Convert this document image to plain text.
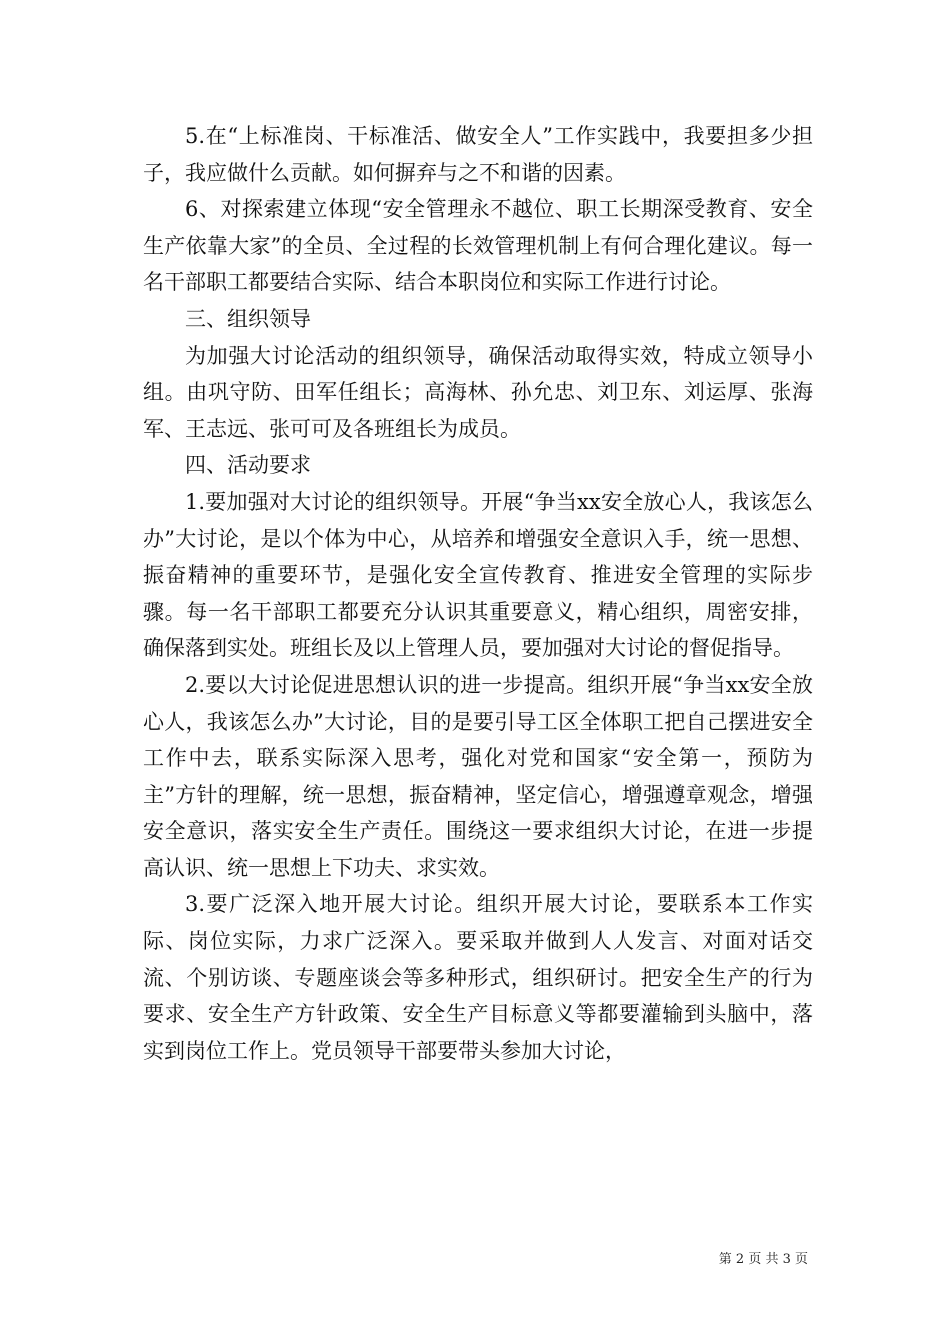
5.在“上标准岗、干标准活、做安全人”工作实践中，我要担多少担子，我应做什么贡献。如何摒弃与之不和谐的因素。

6、对探索建立体现“安全管理永不越位、职工长期深受教育、安全生产依靠大家”的全员、全过程的长效管理机制上有何合理化建议。每一名干部职工都要结合实际、结合本职岗位和实际工作进行讨论。

三、组织领导

为加强大讨论活动的组织领导，确保活动取得实效，特成立领导小组。由巩守防、田军任组长；高海林、孙允忠、刘卫东、刘运厚、张海军、王志远、张可可及各班组长为成员。

四、活动要求

1.要加强对大讨论的组织领导。开展“争当xx安全放心人，我该怎么办”大讨论，是以个体为中心，从培养和增强安全意识入手，统一思想、振奋精神的重要环节，是强化安全宣传教育、推进安全管理的实际步骤。每一名干部职工都要充分认识其重要意义，精心组织，周密安排，确保落到实处。班组长及以上管理人员，要加强对大讨论的督促指导。

2.要以大讨论促进思想认识的进一步提高。组织开展“争当xx安全放心人，我该怎么办”大讨论，目的是要引导工区全体职工把自己摆进安全工作中去，联系实际深入思考，强化对党和国家“安全第一，预防为主”方针的理解，统一思想，振奋精神，坚定信心，增强遵章观念，增强安全意识，落实安全生产责任。围绕这一要求组织大讨论，在进一步提高认识、统一思想上下功夫、求实效。

3.要广泛深入地开展大讨论。组织开展大讨论，要联系本工作实际、岗位实际，力求广泛深入。要采取并做到人人发言、对面对话交流、个别访谈、专题座谈会等多种形式，组织研讨。把安全生产的行为要求、安全生产方针政策、安全生产目标意义等都要灌输到头脑中，落实到岗位工作上。党员领导干部要带头参加大讨论，

第 2 页 共 3 页
